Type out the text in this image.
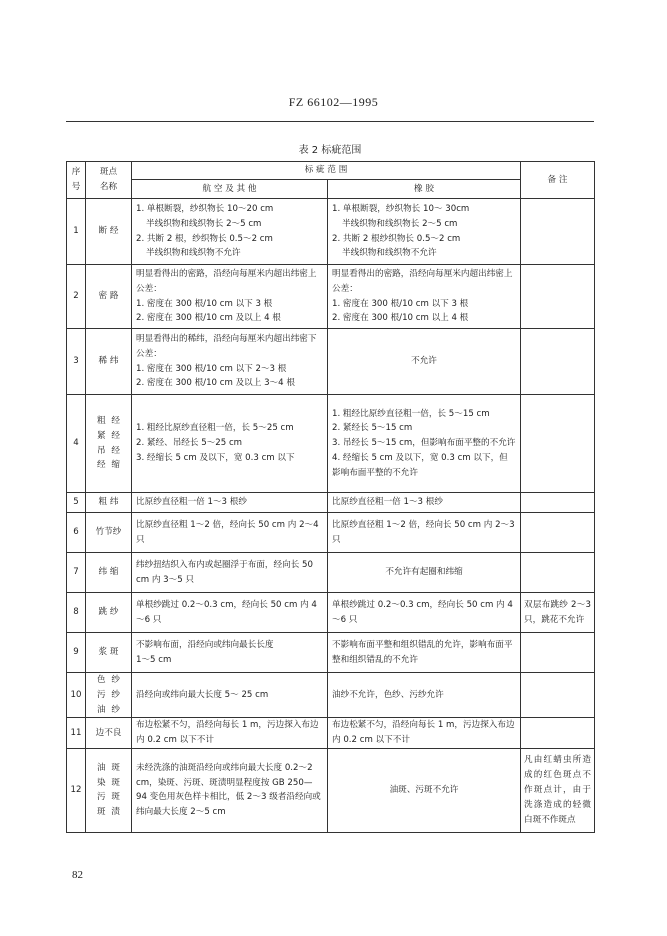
FZ 66102—1995
表 2 标疵范围
序
号	斑点
名称	标 疵 范 围		备 注
		航 空 及 其 他	橡 胶	
1	断 经	1. 单根断裂，纱织物长 10～20 cm
半线织物和线织物长 2～5 cm
2. 共断 2 根，纱织物长 0.5～2 cm
半线织物和线织物不允许	1. 单根断裂，纱织物长 10～ 30cm
半线织物和线织物长 2～5 cm
2. 共断 2 根纱织物长 0.5～2 cm
半线织物和线织物不允许	

2	密 路	明显看得出的密路，沿经向每厘米内超出纬密上公差：
1. 密度在 300 根/10 cm 以下 3 根
2. 密度在 300 根/10 cm 及以上 4 根	明显看得出的密路，沿经向每厘米内超出纬密上公差：
1. 密度在 300 根/10 cm 以下 3 根
2. 密度在 300 根/10 cm 以上 4 根	

3	稀 纬	明显看得出的稀纬，沿经向每厘米内超出纬密下公差：
1. 密度在 300 根/10 cm 以下 2～3 根
2. 密度在 300 根/10 cm 及以上 3～4 根	不允许	

4	粗 经
紧 经
吊 经
经 缩	1. 粗经比原纱直径粗一倍，长 5～25 cm
2. 紧经、吊经长 5～25 cm
3. 经缩长 5 cm 及以下，宽 0.3 cm 以下	1. 粗经比原纱直径粗一倍，长 5～15 cm
2. 紧经长 5～15 cm
3. 吊经长 5～15 cm，但影响布面平整的不允许
4. 经缩长 5 cm 及以下，宽 0.3 cm 以下，但影响布面平整的不允许	

5	粗 纬	比原纱直径粗一倍 1～3 根纱	比原纱直径粗一倍 1～3 根纱	

6	竹节纱	比原纱直径粗 1～2 倍，经向长 50 cm 内 2～4 只	比原纱直径粗 1～2 倍，经向长 50 cm 内 2～3 只	

7	纬 缩	纬纱扭结织入布内或起圈浮于布面，经向长 50 cm 内 3～5 只	不允许有起圈和纬缩	

8	跳 纱	单根纱跳过 0.2～0.3 cm，经向长 50 cm 内 4～6 只	单根纱跳过 0.2～0.3 cm，经向长 50 cm 内 4～6 只	双层布跳纱 2～3 只，跳花不允许
9	浆 斑	不影响布面，沿经向或纬向最长长度
1～5 cm	不影响布面平整和组织错乱的允许，影响布面平整和组织错乱的不允许	

10	色纱
污纱
油纱	沿经向或纬向最大长度 5～ 25 cm	油纱不允许，色纱、污纱允许	

11	边不良	布边松紧不匀，沿经向每长 1 m，污边探入布边内 0.2 cm 以下不计	布边松紧不匀，沿经向每长 1 m，污边探入布边内 0.2 cm 以下不计	

12	油 斑
染 斑
污 斑
斑 渍	未经洗涤的油斑沿经向或纬向最大长度 0.2～2 cm，染斑、污斑、斑渍明显程度按 GB 250—94 变色用灰色样卡相比，低 2～3 级者沿经向或纬向最大长度 2～5 cm	油斑、污斑不允许	凡由红蜻虫所造成的红色斑点不作斑点计，由于洗涤造成的轻微白斑不作斑点
82
